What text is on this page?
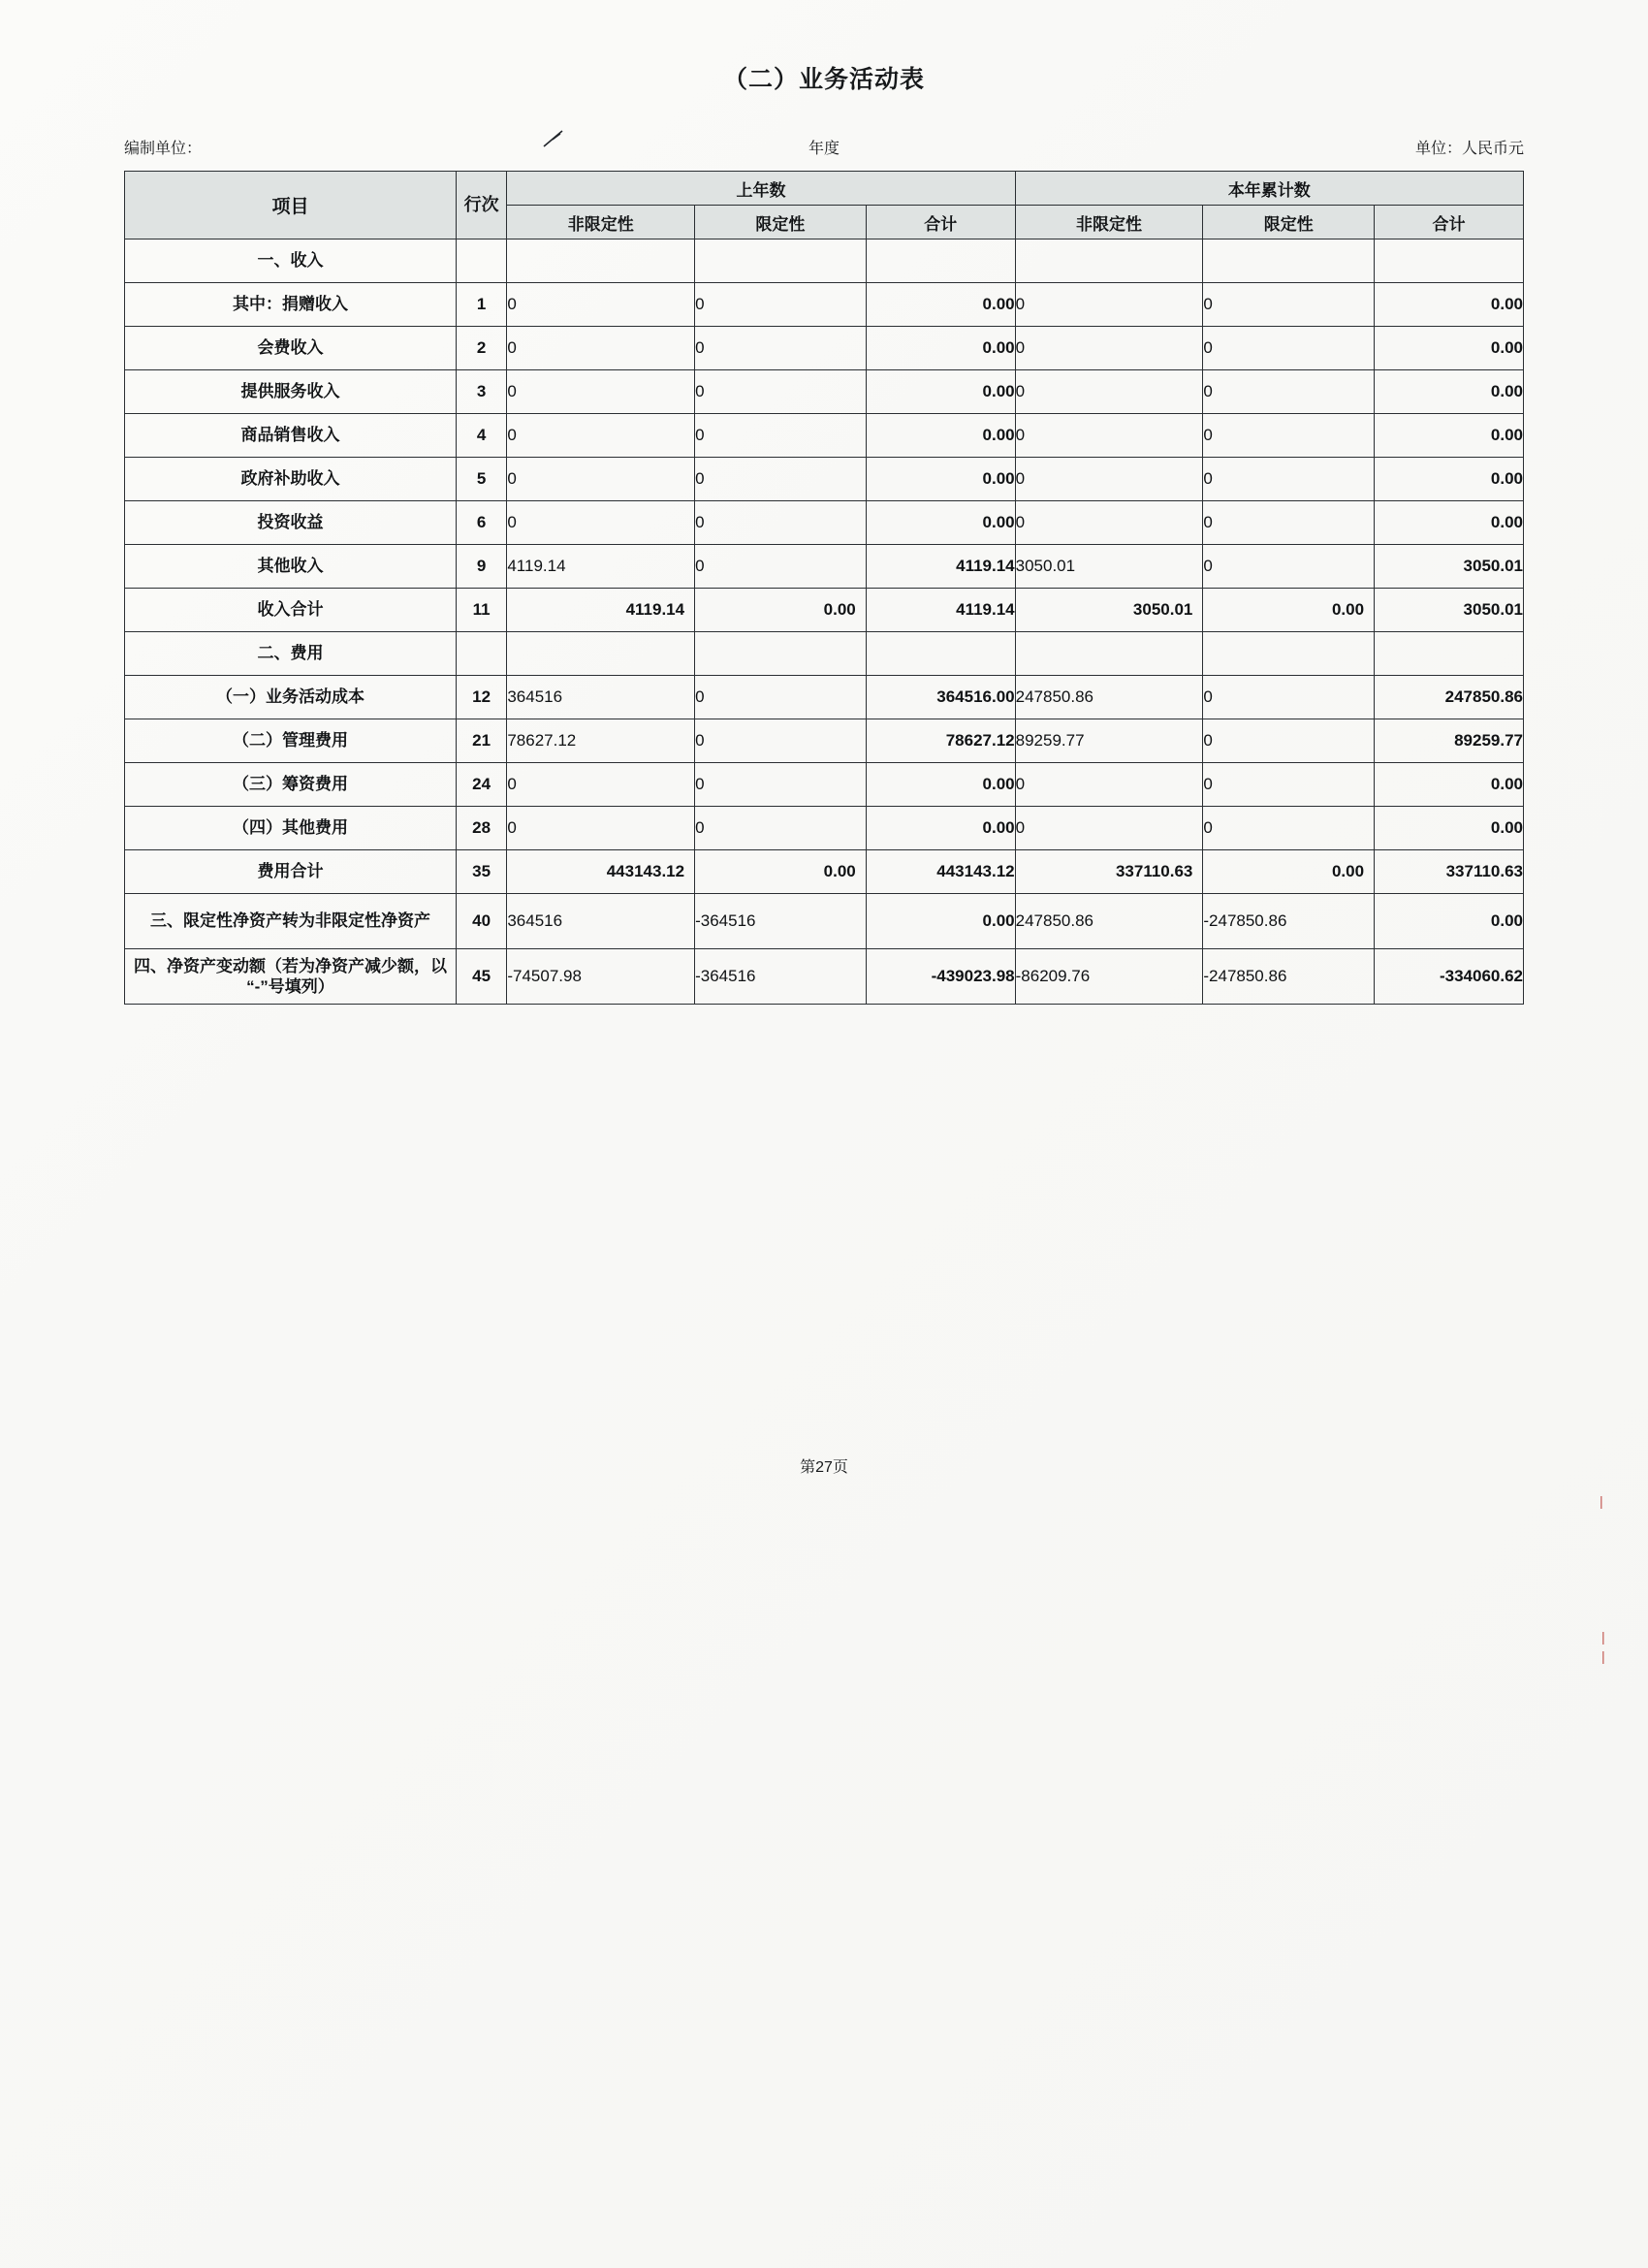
（二）业务活动表
编制单位：	年度	单位：人民币元
项目	行次	上年数			本年累计数		
		非限定性	限定性	合计	非限定性	限定性	合计
一、收入							
其中：捐赠收入	1	0	0	0.00	0	0	0.00
会费收入	2	0	0	0.00	0	0	0.00
提供服务收入	3	0	0	0.00	0	0	0.00
商品销售收入	4	0	0	0.00	0	0	0.00
政府补助收入	5	0	0	0.00	0	0	0.00
投资收益	6	0	0	0.00	0	0	0.00
其他收入	9	4119.14	0	4119.14	3050.01	0	3050.01
收入合计	11	4119.14	0.00	4119.14	3050.01	0.00	3050.01
二、费用							
（一）业务活动成本	12	364516	0	364516.00	247850.86	0	247850.86
（二）管理费用	21	78627.12	0	78627.12	89259.77	0	89259.77
（三）筹资费用	24	0	0	0.00	0	0	0.00
（四）其他费用	28	0	0	0.00	0	0	0.00
费用合计	35	443143.12	0.00	443143.12	337110.63	0.00	337110.63
三、限定性净资产转为非限定性净资产	40	364516	-364516	0.00	247850.86	-247850.86	0.00
四、净资产变动额（若为净资产减少额，以“-”号填列）	45	-74507.98	-364516	-439023.98	-86209.76	-247850.86	-334060.62
第27页
|
|
|
